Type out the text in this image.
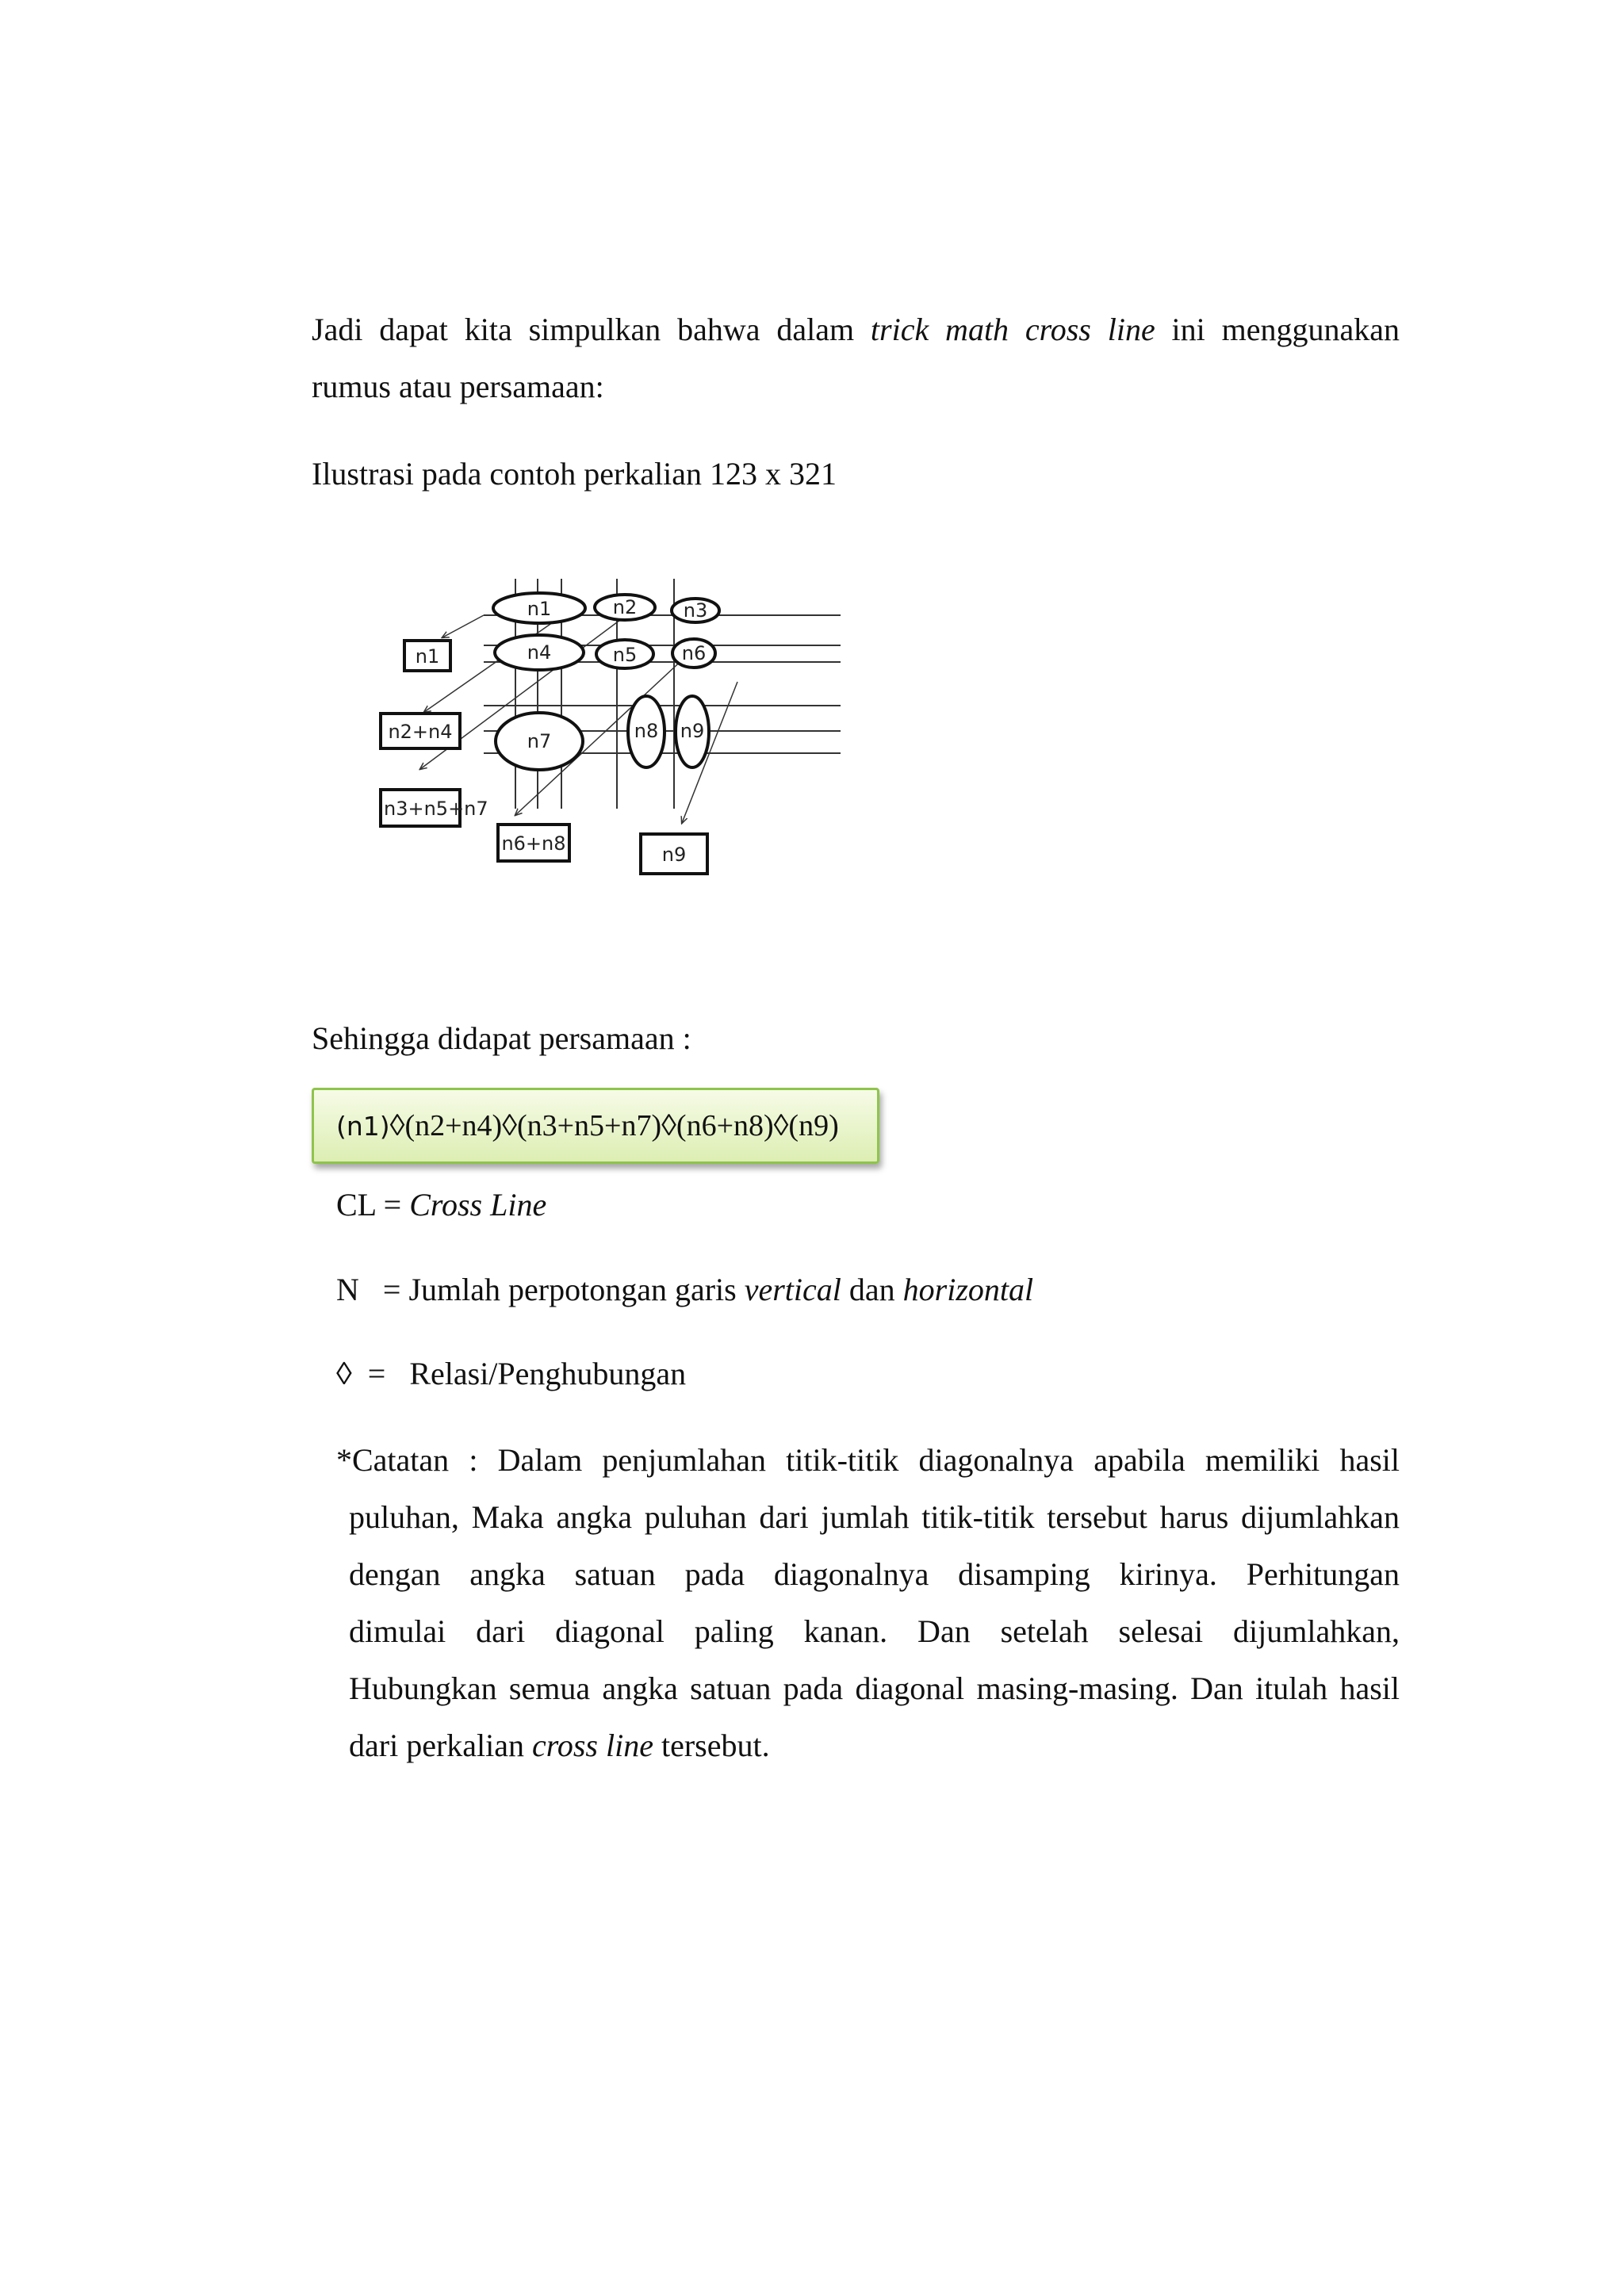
Jadi dapat kita simpulkan bahwa dalam trick math cross line ini menggunakan

rumus atau persamaan:

Ilustrasi pada contoh perkalian 123 x 321

n1	n2 n3
n4	n5 n6
n7	n8 n9
n1
n2+n4
n3+n5+n7
n6+n8	n9

Sehingga didapat persamaan :

(n1)◊(n2+n4)◊(n3+n5+n7)◊(n6+n8)◊(n9)
CL = Cross Line
N   = Jumlah perpotongan garis vertical dan horizontal
◊  =   Relasi/Penghubungan
*Catatan : Dalam penjumlahan titik-titik diagonalnya apabila memiliki hasil
puluhan, Maka angka puluhan dari jumlah titik-titik tersebut harus dijumlahkan
dengan angka satuan pada diagonalnya disamping kirinya. Perhitungan
dimulai dari diagonal paling kanan. Dan setelah selesai dijumlahkan,
Hubungkan semua angka satuan pada diagonal masing-masing. Dan itulah hasil
dari perkalian cross line tersebut.
